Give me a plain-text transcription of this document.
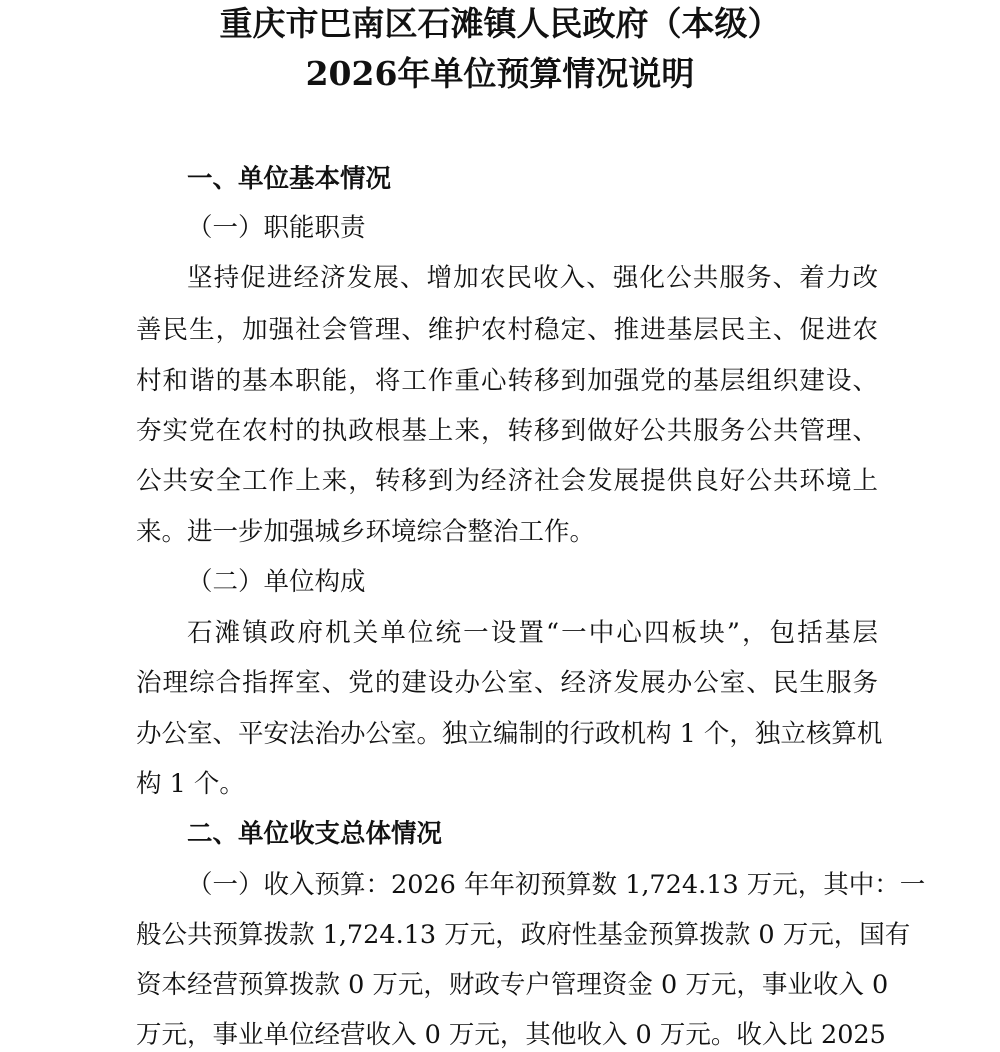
重庆市巴南区石滩镇人民政府（本级）
2026年单位预算情况说明
一、单位基本情况
（一）职能职责
坚持促进经济发展、增加农民收入、强化公共服务、着力改
善民生，加强社会管理、维护农村稳定、推进基层民主、促进农
村和谐的基本职能，将工作重心转移到加强党的基层组织建设、
夯实党在农村的执政根基上来，转移到做好公共服务公共管理、
公共安全工作上来，转移到为经济社会发展提供良好公共环境上
来。进一步加强城乡环境综合整治工作。
（二）单位构成
石滩镇政府机关单位统一设置“一中心四板块”，包括基层
治理综合指挥室、党的建设办公室、经济发展办公室、民生服务
办公室、平安法治办公室。独立编制的行政机构 1 个，独立核算机
构 1 个。
二、单位收支总体情况
（一）收入预算：2026 年年初预算数 1,724.13 万元，其中：一
般公共预算拨款 1,724.13 万元，政府性基金预算拨款 0 万元，国有
资本经营预算拨款 0 万元，财政专户管理资金 0 万元，事业收入 0
万元，事业单位经营收入 0 万元，其他收入 0 万元。收入比 2025
